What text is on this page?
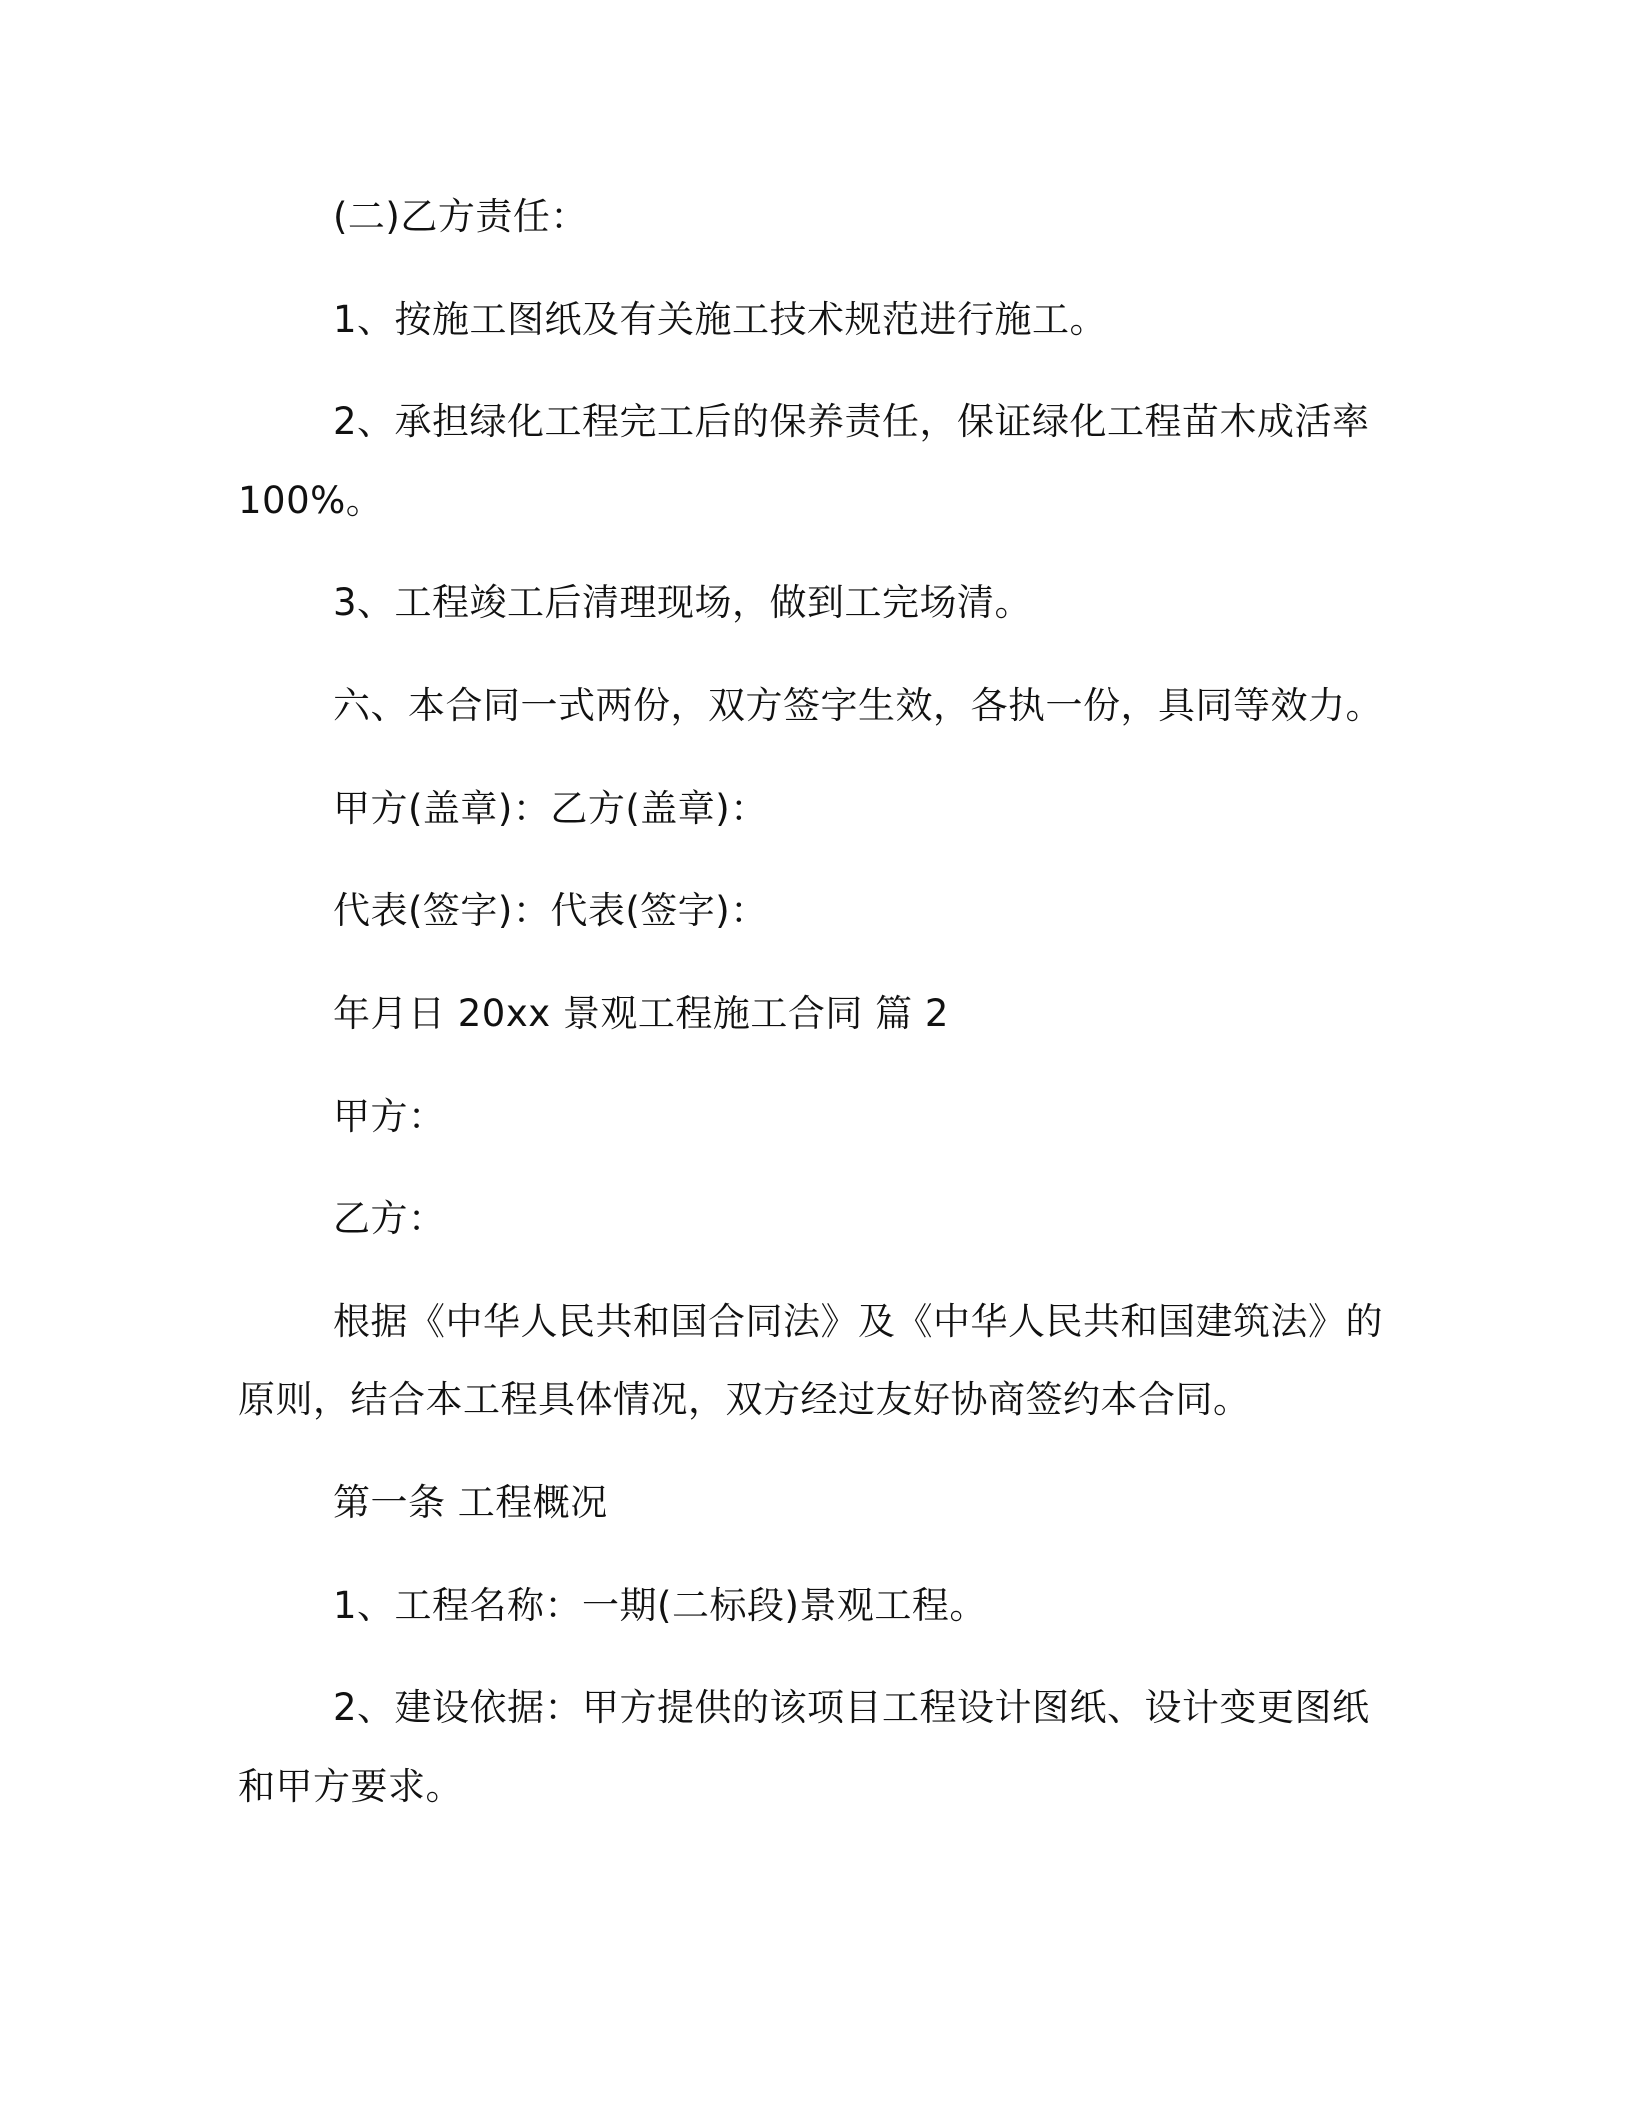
(二)乙方责任：
1、按施工图纸及有关施工技术规范进行施工。
2、承担绿化工程完工后的保养责任，保证绿化工程苗木成活率
100%。
3、工程竣工后清理现场，做到工完场清。
六、本合同一式两份，双方签字生效，各执一份，具同等效力。
甲方(盖章)：乙方(盖章)：
代表(签字)：代表(签字)：
年月日 20xx 景观工程施工合同 篇 2
甲方：
乙方：
根据《中华人民共和国合同法》及《中华人民共和国建筑法》的
原则，结合本工程具体情况，双方经过友好协商签约本合同。
第一条 工程概况
1、工程名称：一期(二标段)景观工程。
2、建设依据：甲方提供的该项目工程设计图纸、设计变更图纸
和甲方要求。
